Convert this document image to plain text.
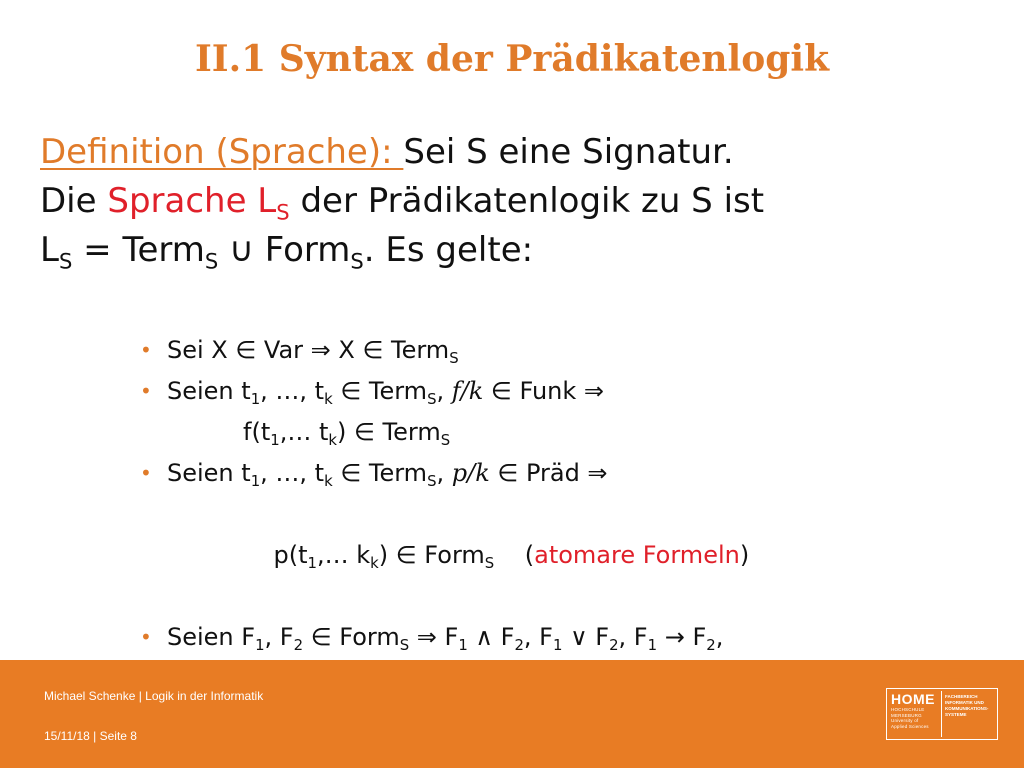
II.1 Syntax der Prädikatenlogik
Definition (Sprache): Sei S eine Signatur.
Die Sprache $L_S$ der Prädikatenlogik zu S ist
$L_S$ = Term$_S$ ∪ Form$_S$. Es gelte:
• Sei X ∈ Var ⇒ X ∈ Term$_S$
• Seien $t_1$, …, $t_k$ ∈ Term$_S$, f/k ∈ Funk ⇒
$f(t_1,\dots$ $t_k$) ∈ Term$_S$
• Seien $t_1$, …, $t_k$ ∈ Term$_S$, p/k ∈ Präd ⇒

$p(t_1,\dots$ $k_k$) ∈ Form$_S$    (atomare Formeln)

• Seien $F_1$, $F_2$ ∈ Form$_S$ ⇒ $F_1$ ∧ $F_2$, $F_1$ ∨ $F_2$, $F_1 \to F_2$,
Michael Schenke | Logik in der Informatik
15/11/18 | Seite 8
HOME
HOCHSCHULE
MERSEBURG
University of
Applied Sciences
FACHBEREICH
INFORMATIK UND
KOMMUNIKATIONS-
SYSTEME
